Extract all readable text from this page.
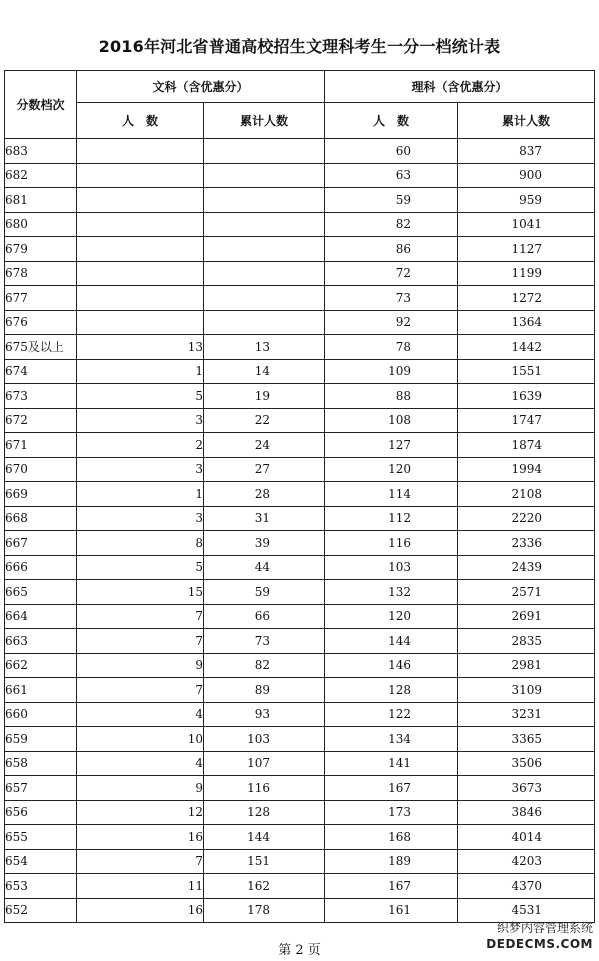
2016年河北省普通高校招生文理科考生一分一档统计表
分数档次	文科（含优惠分）		理科（含优惠分）	
	人　数	累计人数	人　数	累计人数
683			60	837
682			63	900
681			59	959
680			82	1041
679			86	1127
678			72	1199
677			73	1272
676			92	1364
675及以上	13	13	78	1442
674	1	14	109	1551
673	5	19	88	1639
672	3	22	108	1747
671	2	24	127	1874
670	3	27	120	1994
669	1	28	114	2108
668	3	31	112	2220
667	8	39	116	2336
666	5	44	103	2439
665	15	59	132	2571
664	7	66	120	2691
663	7	73	144	2835
662	9	82	146	2981
661	7	89	128	3109
660	4	93	122	3231
659	10	103	134	3365
658	4	107	141	3506
657	9	116	167	3673
656	12	128	173	3846
655	16	144	168	4014
654	7	151	189	4203
653	11	162	167	4370
652	16	178	161	4531
第 2 页
织梦内容管理系统
DEDECMS.COM
